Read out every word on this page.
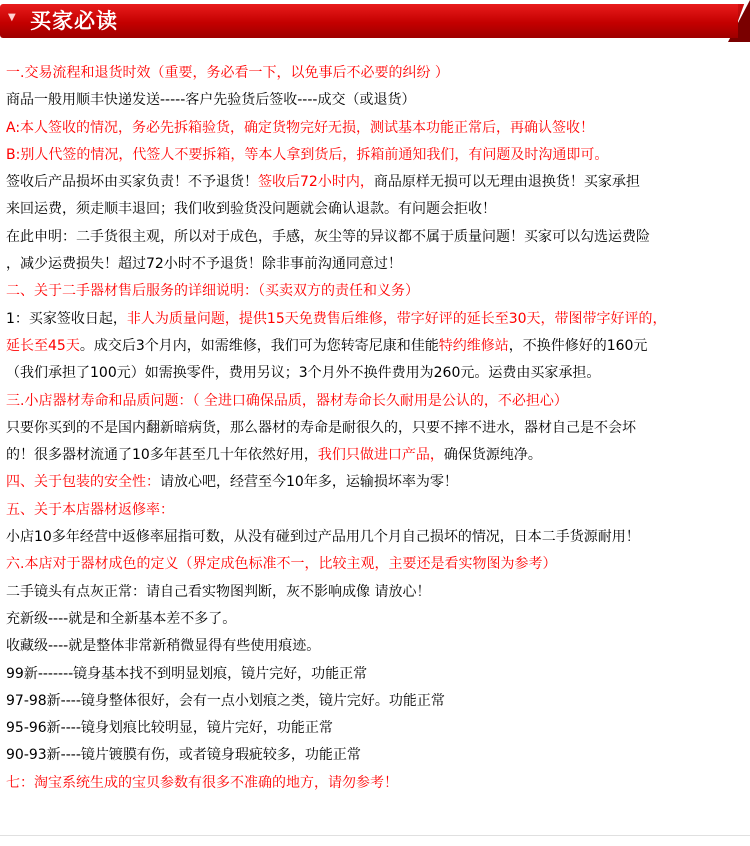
▼ 买家必读
一.交易流程和退货时效（重要，务必看一下，以免事后不必要的纠纷 ）
商品一般用顺丰快递发送-----客户先验货后签收----成交（或退货）
A:本人签收的情况，务必先拆箱验货，确定货物完好无损，测试基本功能正常后，再确认签收！
B:别人代签的情况，代签人不要拆箱，等本人拿到货后，拆箱前通知我们，有问题及时沟通即可。
签收后产品损坏由买家负责！不予退货！签收后72小时内，商品原样无损可以无理由退换货！买家承担
来回运费，须走顺丰退回；我们收到验货没问题就会确认退款。有问题会拒收！
在此申明：二手货很主观，所以对于成色，手感，灰尘等的异议都不属于质量问题！买家可以勾选运费险
，减少运费损失！超过72小时不予退货！除非事前沟通同意过！
二、关于二手器材售后服务的详细说明：（买卖双方的责任和义务）
1：买家签收日起，非人为质量问题，提供15天免费售后维修，带字好评的延长至30天，带图带字好评的，
延长至45天。成交后3个月内，如需维修，我们可为您转寄尼康和佳能特约维修站，不换件修好的160元
（我们承担了100元）如需换零件，费用另议；3个月外不换件费用为260元。运费由买家承担。
三.小店器材寿命和品质问题：（ 全进口确保品质，器材寿命长久耐用是公认的，不必担心）
只要你买到的不是国内翻新暗病货，那么器材的寿命是耐很久的，只要不摔不进水，器材自己是不会坏
的！很多器材流通了10多年甚至几十年依然好用，我们只做进口产品，确保货源纯净。
四、关于包装的安全性：请放心吧，经营至今10年多，运输损坏率为零！
五、关于本店器材返修率：
小店10多年经营中返修率屈指可数，从没有碰到过产品用几个月自己损坏的情况，日本二手货源耐用！
六.本店对于器材成色的定义（界定成色标准不一，比较主观，主要还是看实物图为参考）
二手镜头有点灰正常：请自己看实物图判断，灰不影响成像 请放心！
充新级----就是和全新基本差不多了。
收藏级----就是整体非常新稍微显得有些使用痕迹。
99新-------镜身基本找不到明显划痕，镜片完好，功能正常
97-98新----镜身整体很好，会有一点小划痕之类，镜片完好。功能正常
95-96新----镜身划痕比较明显，镜片完好，功能正常
90-93新----镜片镀膜有伤，或者镜身瑕疵较多，功能正常
七：淘宝系统生成的宝贝参数有很多不准确的地方，请勿参考！
